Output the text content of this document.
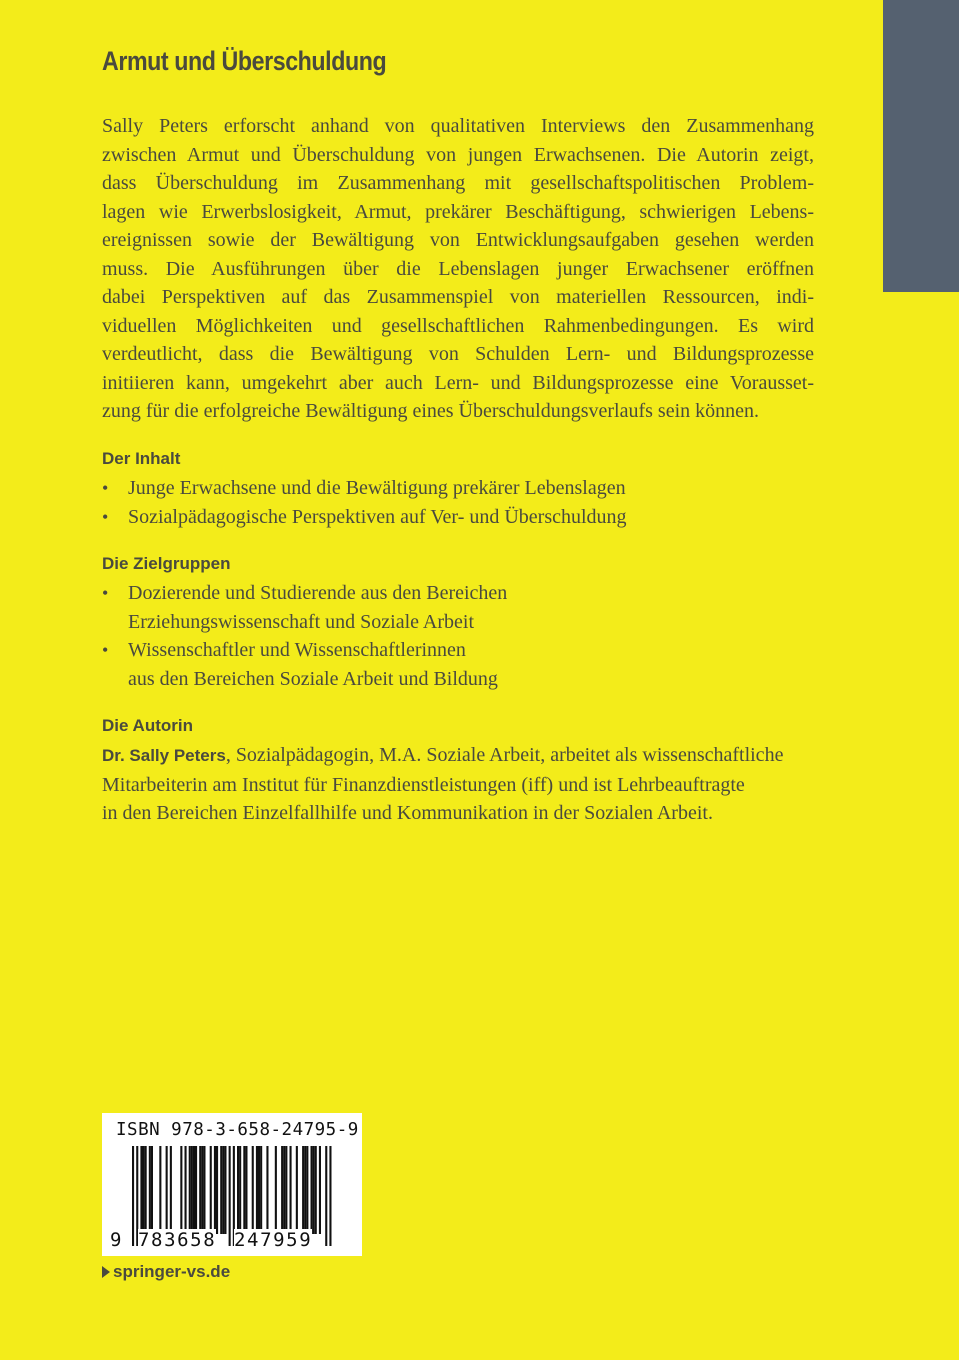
Armut und Überschuldung
Sally Peters erforscht anhand von qualitativen Interviews den Zusammenhang
zwischen Armut und Überschuldung von jungen Erwachsenen. Die Autorin zeigt,
dass Überschuldung im Zusammenhang mit gesellschaftspolitischen Problem-
lagen wie Erwerbslosigkeit, Armut, prekärer Beschäftigung, schwierigen Lebens-
ereignissen sowie der Bewältigung von Entwicklungsaufgaben gesehen werden
muss. Die Ausführungen über die Lebenslagen junger Erwachsener eröffnen
dabei Perspektiven auf das Zusammenspiel von materiellen Ressourcen, indi-
viduellen Möglichkeiten und gesellschaftlichen Rahmenbedingungen. Es wird
verdeutlicht, dass die Bewältigung von Schulden Lern- und Bildungsprozesse
initiieren kann, umgekehrt aber auch Lern- und Bildungsprozesse eine Vorausset-
zung für die erfolgreiche Bewältigung eines Überschuldungsverlaufs sein können.
Der Inhalt
• Junge Erwachsene und die Bewältigung prekärer Lebenslagen
• Sozialpädagogische Perspektiven auf Ver- und Überschuldung
Die Zielgruppen
• Dozierende und Studierende aus den Bereichen
Erziehungswissenschaft und Soziale Arbeit
• Wissenschaftler und Wissenschaftlerinnen
aus den Bereichen Soziale Arbeit und Bildung
Die Autorin
Dr. Sally Peters, Sozialpädagogin, M.A. Soziale Arbeit, arbeitet als wissenschaftliche
Mitarbeiterin am Institut für Finanzdienstleistungen (iff) und ist Lehrbeauftragte
in den Bereichen Einzelfallhilfe und Kommunikation in der Sozialen Arbeit.
ISBN 978-3-658-24795-9
9 783658 247959
springer-vs.de
